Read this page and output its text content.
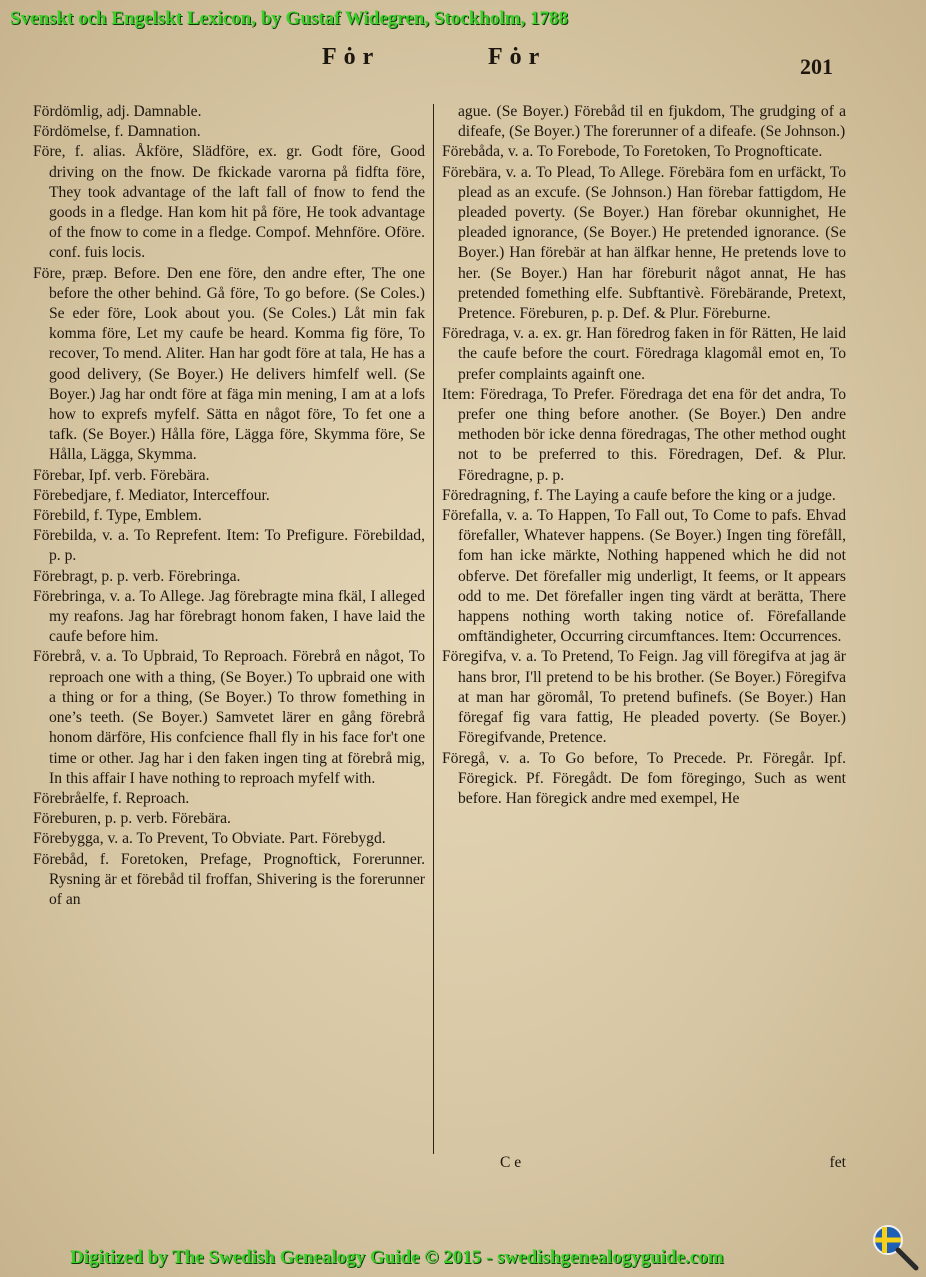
Svenskt och Engelskt Lexicon, by Gustaf Widegren, Stockholm, 1788
Fȯr	Fȯr	201

Fördömlig, adj. Damnable.

Fördömelse, f. Damnation.

Före, f. alias. Åkföre, Slädföre, ex. gr. Godt före, Good driving on the fnow. De fkickade varorna på fidfta före, They took advantage of the laft fall of fnow to fend the goods in a fledge. Han kom hit på före, He took advantage of the fnow to come in a fledge. Compof. Mehnföre. Oföre. conf. fuis locis.

Före, præp. Before. Den ene före, den andre efter, The one before the other behind. Gå före, To go before. (Se Coles.) Se eder före, Look about you. (Se Coles.) Låt min fak komma före, Let my caufe be heard. Komma fig före, To recover, To mend. Aliter. Han har godt före at tala, He has a good delivery, (Se Boyer.) He delivers himfelf well. (Se Boyer.) Jag har ondt före at fäga min mening, I am at a lofs how to exprefs myfelf. Sätta en något före, To fet one a tafk. (Se Boyer.) Hålla före, Lägga före, Skymma före, Se Hålla, Lägga, Skymma.

Förebar, Ipf. verb. Förebära.

Förebedjare, f. Mediator, Interceffour.

Förebild, f. Type, Emblem.

Förebilda, v. a. To Reprefent. Item: To Prefigure. Förebildad, p. p.

Förebragt, p. p. verb. Förebringa.

Förebringa, v. a. To Allege. Jag förebragte mina fkäl, I alleged my reafons. Jag har förebragt honom faken, I have laid the caufe before him.

Förebrå, v. a. To Upbraid, To Reproach. Förebrå en något, To reproach one with a thing, (Se Boyer.) To upbraid one with a thing or for a thing, (Se Boyer.) To throw fomething in one’s teeth. (Se Boyer.) Samvetet lärer en gång förebrå honom därföre, His confcience fhall fly in his face for't one time or other. Jag har i den faken ingen ting at förebrå mig, In this affair I have nothing to reproach myfelf with.

Förebråelfe, f. Reproach.

Föreburen, p. p. verb. Förebära.

Förebygga, v. a. To Prevent, To Obviate. Part. Förebygd.

Förebåd, f. Foretoken, Prefage, Prognoftick, Forerunner. Rysning är et förebåd til froffan, Shivering is the forerunner of an

ague. (Se Boyer.) Förebåd til en fjukdom, The grudging of a difeafe, (Se Boyer.) The forerunner of a difeafe. (Se Johnson.)

Förebåda, v. a. To Forebode, To Foretoken, To Prognofticate.

Förebära, v. a. To Plead, To Allege. Förebära fom en urfäckt, To plead as an excufe. (Se Johnson.) Han förebar fattigdom, He pleaded poverty. (Se Boyer.) Han förebar okunnighet, He pleaded ignorance, (Se Boyer.) He pretended ignorance. (Se Boyer.) Han förebär at han älfkar henne, He pretends love to her. (Se Boyer.) Han har föreburit något annat, He has pretended fomething elfe. Subftantivè. Förebärande, Pretext, Pretence. Föreburen, p. p. Def. & Plur. Föreburne.

Föredraga, v. a. ex. gr. Han föredrog faken in för Rätten, He laid the caufe before the court. Föredraga klagomål emot en, To prefer complaints againft one.

Item: Föredraga, To Prefer. Föredraga det ena för det andra, To prefer one thing before another. (Se Boyer.) Den andre methoden bör icke denna föredragas, The other method ought not to be preferred to this. Föredragen, Def. & Plur. Föredragne, p. p.

Föredragning, f. The Laying a caufe before the king or a judge.

Förefalla, v. a. To Happen, To Fall out, To Come to pafs. Ehvad förefaller, Whatever happens. (Se Boyer.) Ingen ting förefåll, fom han icke märkte, Nothing happened which he did not obferve. Det förefaller mig underligt, It feems, or It appears odd to me. Det förefaller ingen ting värdt at berätta, There happens nothing worth taking notice of. Förefallande omftändigheter, Occurring circumftances. Item: Occurrences.

Föregifva, v. a. To Pretend, To Feign. Jag vill föregifva at jag är hans bror, I'll pretend to be his brother. (Se Boyer.) Föregifva at man har göromål, To pretend bufinefs. (Se Boyer.) Han föregaf fig vara fattig, He pleaded poverty. (Se Boyer.) Föregifvande, Pretence.

Föregå, v. a. To Go before, To Precede. Pr. Föregår. Ipf. Föregick. Pf. Föregådt. De fom föregingo, Such as went before. Han föregick andre med exempel, He

C e	fet
Digitized by The Swedish Genealogy Guide © 2015 - swedishgenealogyguide.com
